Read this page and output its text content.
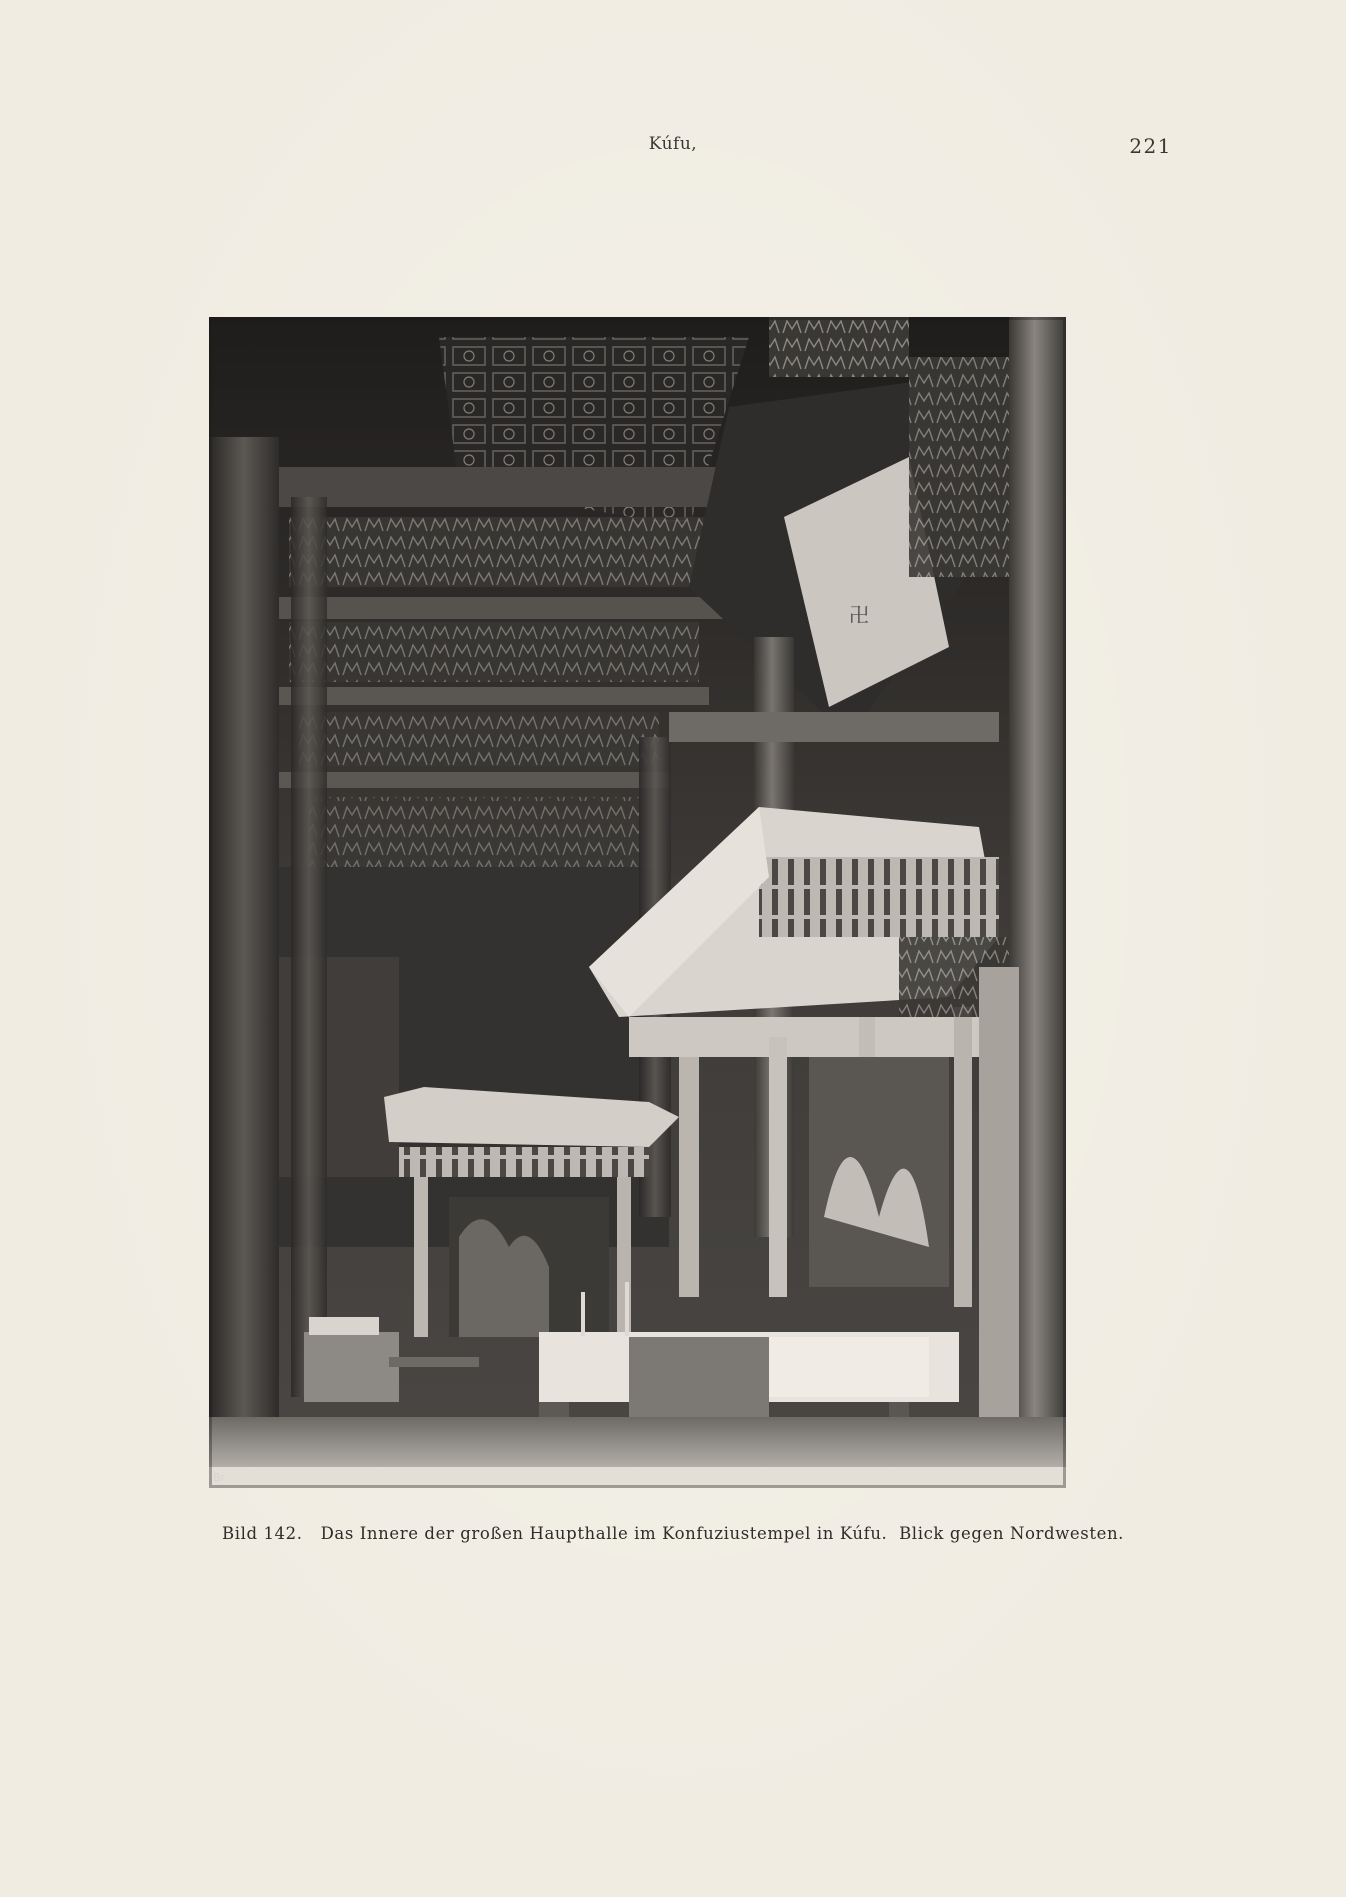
Kúfu,	221
卍
Br
Bild 142. Das Innere der großen Haupthalle im Konfuziustempel in Kúfu.  Blick gegen Nordwesten.
